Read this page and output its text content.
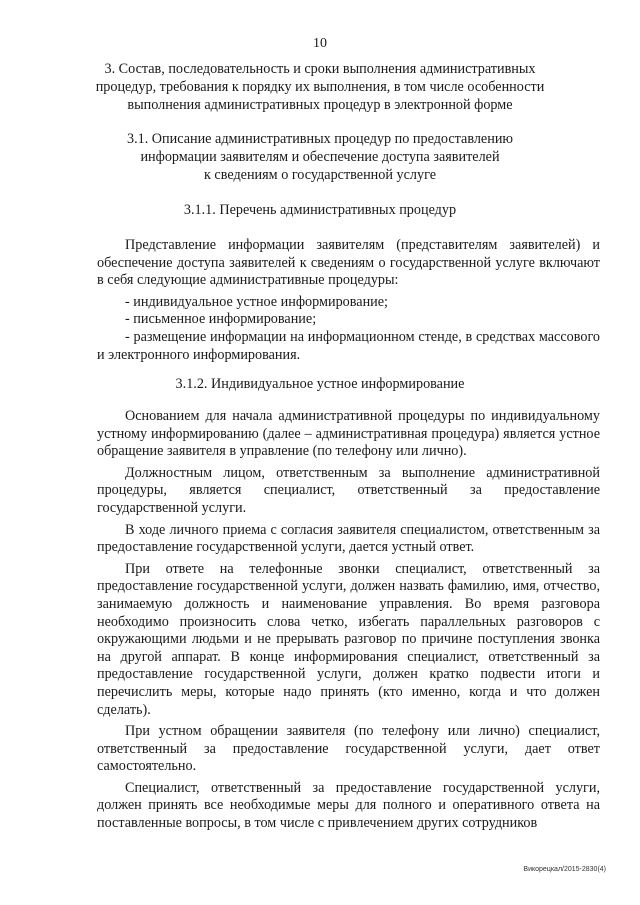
10
3. Состав, последовательность и сроки выполнения административных
процедур, требования к порядку их выполнения, в том числе особенности
выполнения административных процедур в электронной форме
3.1. Описание административных процедур по предоставлению
информации заявителям и обеспечение доступа заявителей
к сведениям о государственной услуге
3.1.1. Перечень административных процедур

Представление информации заявителям (представителям заявителей) и обеспечение доступа заявителей к сведениям о государственной услуге включают в себя следующие административные процедуры:

- индивидуальное устное информирование;
- письменное информирование;

- размещение информации на информационном стенде, в средствах массового и электронного информирования.

3.1.2. Индивидуальное устное информирование

Основанием для начала административной процедуры по индивидуальному устному информированию (далее – административная процедура) является устное обращение заявителя в управление (по телефону или лично).

Должностным лицом, ответственным за выполнение административной процедуры, является специалист, ответственный за предоставление государственной услуги.

В ходе личного приема с согласия заявителя специалистом, ответственным за предоставление государственной услуги, дается устный ответ.

При ответе на телефонные звонки специалист, ответственный за предоставление государственной услуги, должен назвать фамилию, имя, отчество, занимаемую должность и наименование управления. Во время разговора необходимо произносить слова четко, избегать параллельных разговоров с окружающими людьми и не прерывать разговор по причине поступления звонка на другой аппарат. В конце информирования специалист, ответственный за предоставление государственной услуги, должен кратко подвести итоги и перечислить меры, которые надо принять (кто именно, когда и что должен сделать).

При устном обращении заявителя (по телефону или лично) специалист, ответственный за предоставление государственной услуги, дает ответ самостоятельно.

Специалист, ответственный за предоставление государственной услуги, должен принять все необходимые меры для полного и оперативного ответа на поставленные вопросы, в том числе с привлечением других сотрудников

Викорецкал/2015-2830(4)
